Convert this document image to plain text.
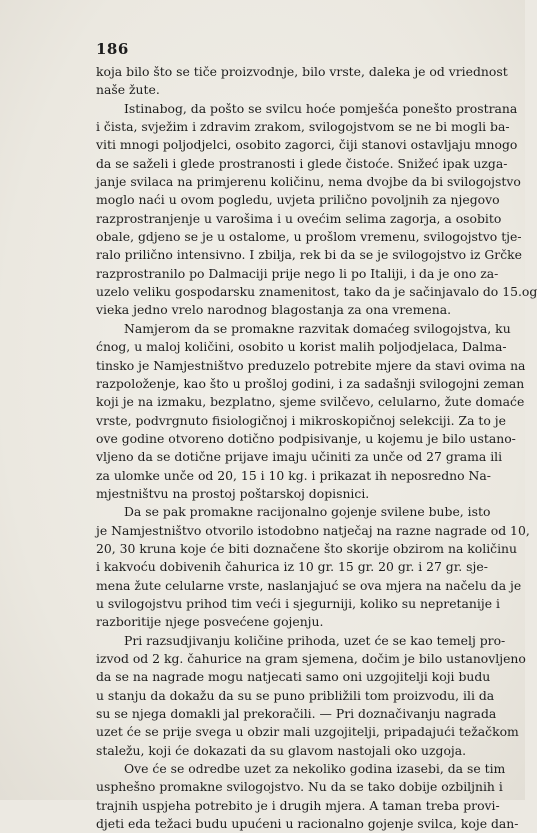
186
koja bilo što se tiče proizvodnje, bilo vrste, daleka je od vriednost
naše žute.
Istinabog, da pošto se svilcu hoće pomješća ponešto prostrana
i čista, svježim i zdravim zrakom, svilogojstvom se ne bi mogli ba-
viti mnogi poljodjelci, osobito zagorci, čiji stanovi ostavljaju mnogo
da se saželi i glede prostranosti i glede čistoće. Snižeć ipak uzga-
janje svilaca na primjerenu količinu, nema dvojbe da bi svilogojstvo
moglo naći u ovom pogledu, uvjeta prilično povoljnih za njegovo
razprostranjenje u varošima i u ovećim selima zagorja, a osobito
obale, gdjeno se je u ostalome, u prošlom vremenu, svilogojstvo tje-
ralo prilično intensivno. I zbilja, rek bi da se je svilogojstvo iz Grčke
razprostranilo po Dalmaciji prije nego li po Italiji, i da je ono za-
uzelo veliku gospodarsku znamenitost, tako da je sačinjavalo do 15.og
vieka jedno vrelo narodnog blagostanja za ona vremena.
Namjerom da se promakne razvitak domaćeg svilogojstva, ku
ćnog, u maloj količini, osobito u korist malih poljodjelaca, Dalma-
tinsko je Namjestništvo preduzelo potrebite mjere da stavi ovima na
razpoloženje, kao što u prošloj godini, i za sadašnji svilogojni zeman
koji je na izmaku, bezplatno, sjeme svilčevo, celularno, žute domaće
vrste, podvrgnuto fisiologičnoj i mikroskopičnoj selekciji. Za to je
ove godine otvoreno dotično podpisivanje, u kojemu je bilo ustano-
vljeno da se dotične prijave imaju učiniti za unče od 27 grama ili
za ulomke unče od 20, 15 i 10 kg. i prikazat ih neposredno Na-
mjestništvu na prostoj poštarskoj dopisnici.
Da se pak promakne racijonalno gojenje svilene bube, isto
je Namjestništvo otvorilo istodobno natječaj na razne nagrade od 10,
20, 30 kruna koje će biti doznačene što skorije obzirom na količinu
i kakvoću dobivenih čahurica iz 10 gr. 15 gr. 20 gr. i 27 gr. sje-
mena žute celularne vrste, naslanjajuć se ova mjera na načelu da je
u svilogojstvu prihod tim veći i sjegurniji, koliko su nepretanije i
razboritije njege posvećene gojenju.
Pri razsudjivanju količine prihoda, uzet će se kao temelj pro-
izvod od 2 kg. čahurice na gram sjemena, dočim je bilo ustanovljeno
da se na nagrade mogu natjecati samo oni uzgojitelji koji budu
u stanju da dokažu da su se puno približili tom proizvodu, ili da
su se njega domakli jal prekoračili. — Pri doznačivanju nagrada
uzet će se prije svega u obzir mali uzgojitelji, pripadajući težačkom
staležu, koji će dokazati da su glavom nastojali oko uzgoja.
Ove će se odredbe uzet za nekoliko godina izasebi, da se tim
usphešno promakne svilogojstvo. Nu da se tako dobije ozbiljnih i
trajnih uspjeha potrebito je i drugih mjera. A taman treba provi-
djeti eda težaci budu upućeni u racionalno gojenje svilca, koje dan-
